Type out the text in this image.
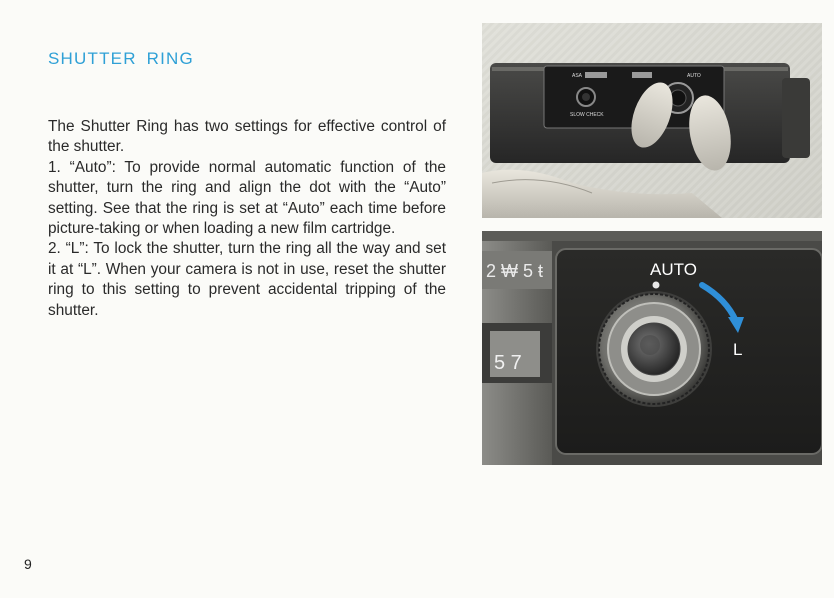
SHUTTER RING

The Shutter Ring has two settings for effective control of the shutter.

1. “Auto”: To provide normal automatic function of the shutter, turn the ring and align the dot with the “Auto” setting. See that the ring is set at “Auto” each time before picture-taking or when loading a new film cartridge.

2. “L”: To lock the shutter, turn the ring all the way and set it at “L”. When your camera is not in use, reset the shutter ring to this setting to prevent accidental tripping of the shutter.

9
ASA	AUTO
SLOW CHECK
2 ₩ 5 ŧ
5 7
AUTO
L
